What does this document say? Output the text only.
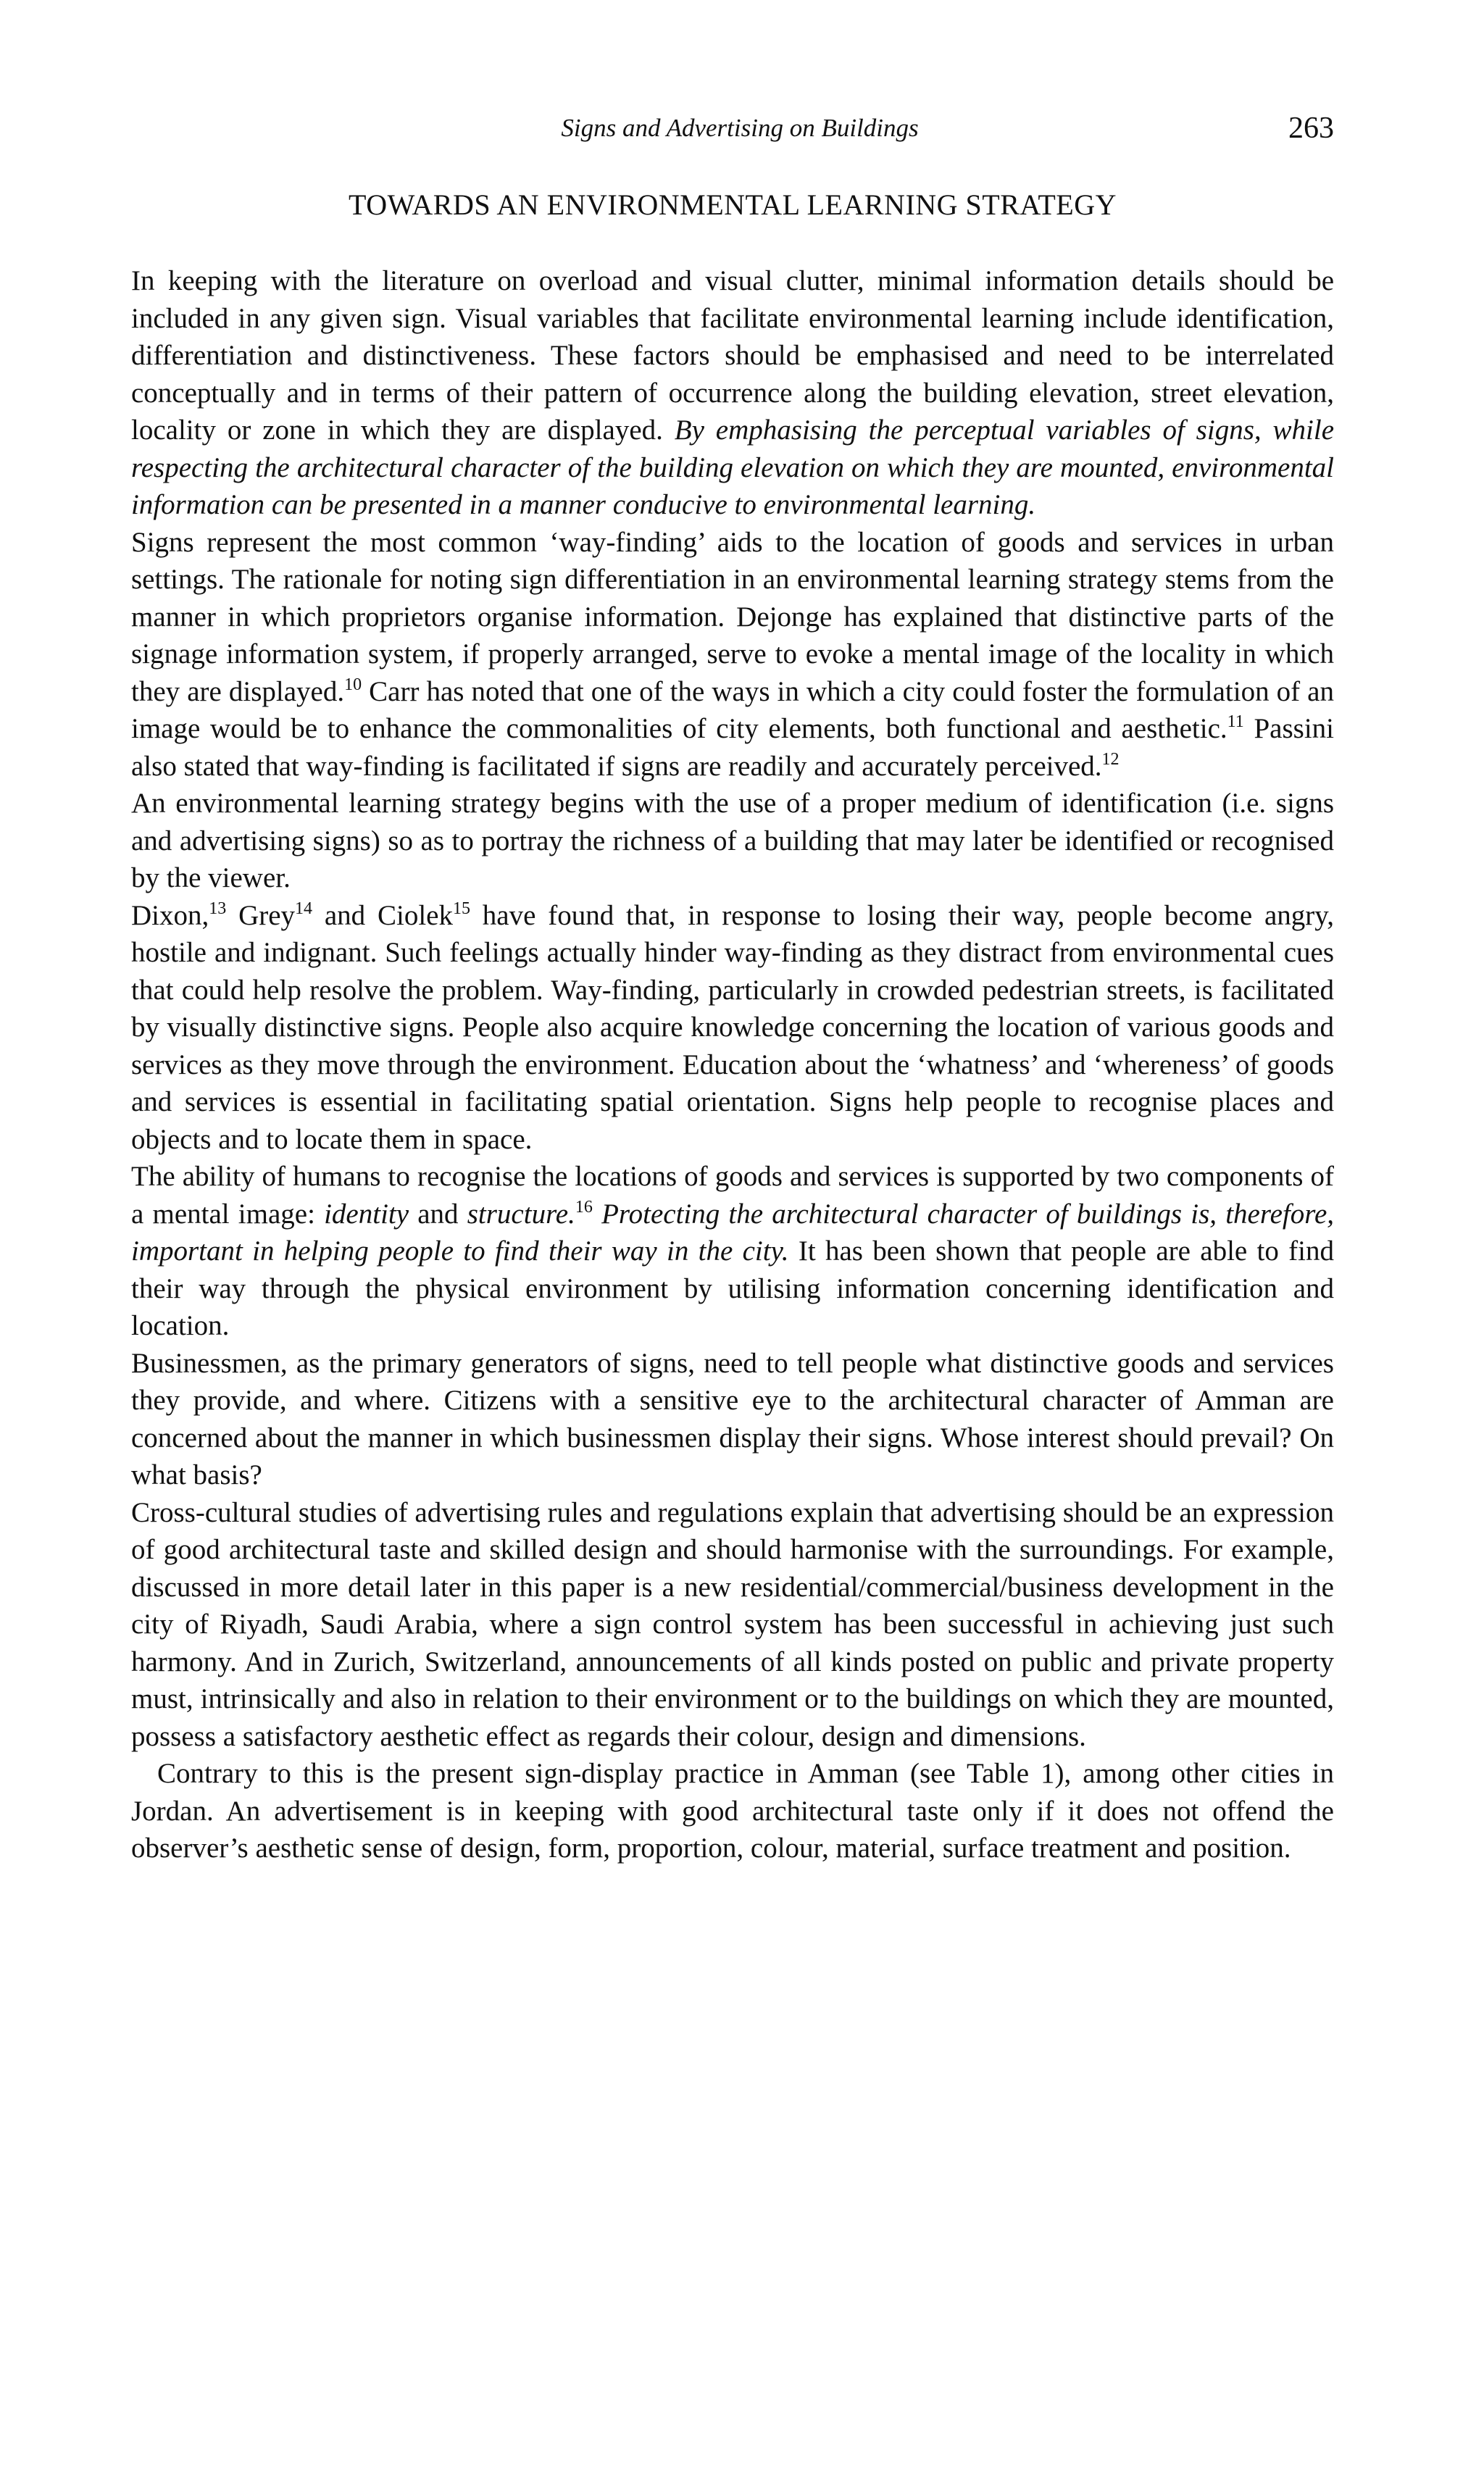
Signs and Advertising on Buildings	263
TOWARDS AN ENVIRONMENTAL LEARNING STRATEGY

In keeping with the literature on overload and visual clutter, minimal information details should be included in any given sign. Visual variables that facilitate environmental learning include identification, differentiation and distinctiveness. These factors should be emphasised and need to be interrelated conceptually and in terms of their pattern of occurrence along the building elevation, street elevation, locality or zone in which they are displayed. By emphasising the perceptual variables of signs, while respecting the architectural character of the building elevation on which they are mounted, environmental information can be presented in a manner conducive to environmental learning.

Signs represent the most common ‘way-finding’ aids to the location of goods and services in urban settings. The rationale for noting sign differentiation in an environmental learning strategy stems from the manner in which proprietors organise information. Dejonge has explained that distinctive parts of the signage information system, if properly arranged, serve to evoke a mental image of the locality in which they are displayed.$^{10}$ Carr has noted that one of the ways in which a city could foster the formulation of an image would be to enhance the commonalities of city elements, both functional and aesthetic.$^{11}$ Passini also stated that way-finding is facilitated if signs are readily and accurately perceived.$^{12}$

An environmental learning strategy begins with the use of a proper medium of identification (i.e. signs and advertising signs) so as to portray the richness of a building that may later be identified or recognised by the viewer.

Dixon,$^{13}$ Grey$^{14}$ and Ciolek$^{15}$ have found that, in response to losing their way, people become angry, hostile and indignant. Such feelings actually hinder way-finding as they distract from environmental cues that could help resolve the problem. Way-finding, particularly in crowded pedestrian streets, is facilitated by visually distinctive signs. People also acquire knowledge concerning the location of various goods and services as they move through the environment. Education about the ‘whatness’ and ‘whereness’ of goods and services is essential in facilitating spatial orientation. Signs help people to recognise places and objects and to locate them in space.

The ability of humans to recognise the locations of goods and services is supported by two components of a mental image: identity and structure.$^{16}$ Protecting the architectural character of buildings is, therefore, important in helping people to find their way in the city. It has been shown that people are able to find their way through the physical environment by utilising information concerning identification and location.

Businessmen, as the primary generators of signs, need to tell people what distinctive goods and services they provide, and where. Citizens with a sensitive eye to the architectural character of Amman are concerned about the manner in which businessmen display their signs. Whose interest should prevail? On what basis?

Cross-cultural studies of advertising rules and regulations explain that advertising should be an expression of good architectural taste and skilled design and should harmonise with the surroundings. For example, discussed in more detail later in this paper is a new residential/commercial/business development in the city of Riyadh, Saudi Arabia, where a sign control system has been successful in achieving just such harmony. And in Zurich, Switzerland, announcements of all kinds posted on public and private property must, intrinsically and also in relation to their environment or to the buildings on which they are mounted, possess a satisfactory aesthetic effect as regards their colour, design and dimensions.

Contrary to this is the present sign-display practice in Amman (see Table 1), among other cities in Jordan. An advertisement is in keeping with good architectural taste only if it does not offend the observer’s aesthetic sense of design, form, proportion, colour, material, surface treatment and position.
